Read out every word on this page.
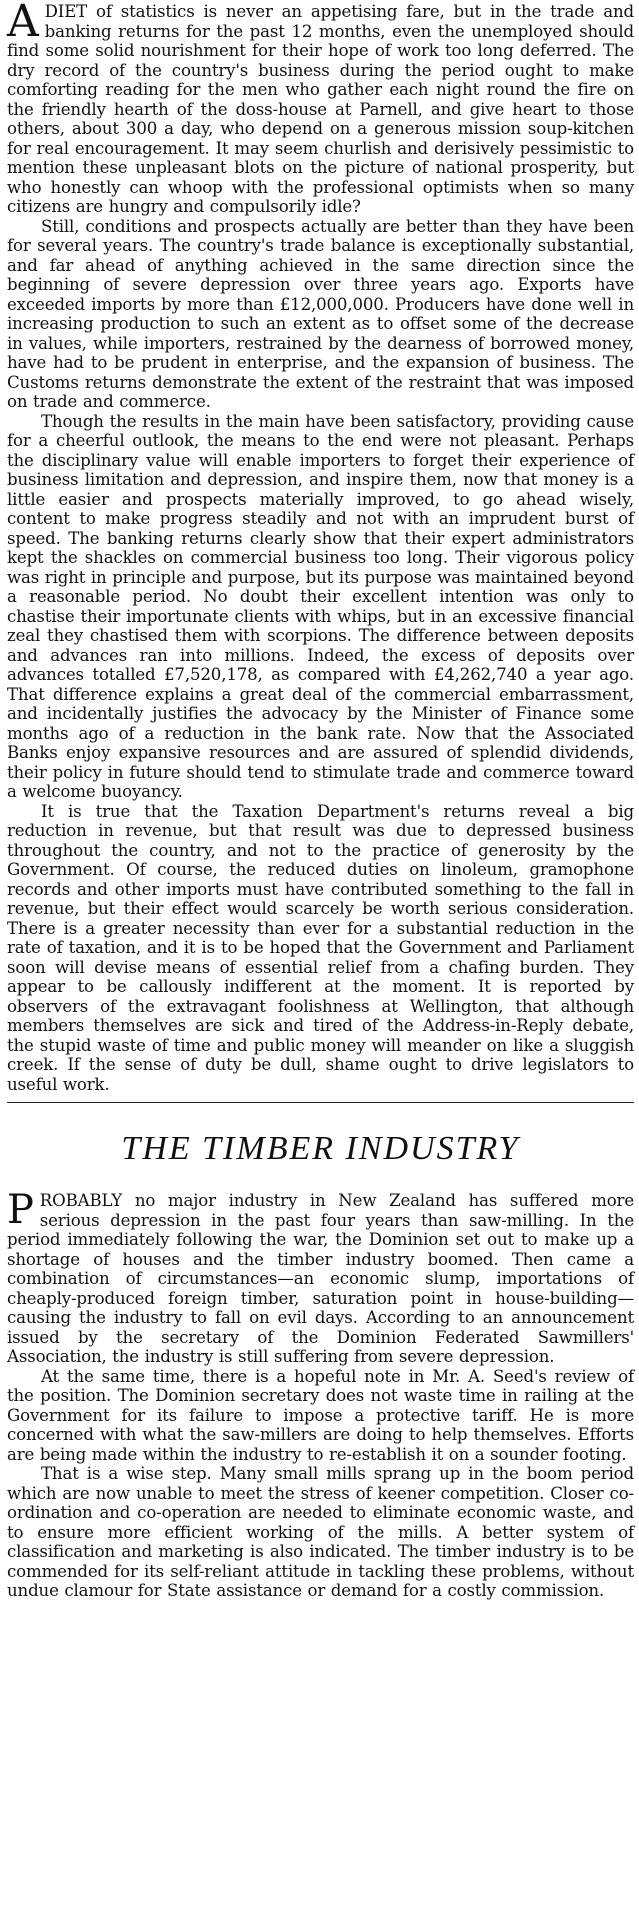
ADIET of statistics is never an appetising fare, but in the trade and banking returns for the past 12 months, even the unemployed should find some solid nourishment for their hope of work too long deferred. The dry record of the country's business during the period ought to make comforting reading for the men who gather each night round the fire on the friendly hearth of the doss-house at Parnell, and give heart to those others, about 300 a day, who depend on a generous mission soup-kitchen for real encouragement. It may seem churlish and derisively pessimistic to mention these unpleasant blots on the picture of national prosperity, but who honestly can whoop with the professional optimists when so many citizens are hungry and compulsorily idle?

Still, conditions and prospects actually are better than they have been for several years. The country's trade balance is exceptionally substantial, and far ahead of anything achieved in the same direction since the beginning of severe depression over three years ago. Exports have exceeded imports by more than £12,000,000. Producers have done well in increasing production to such an extent as to offset some of the decrease in values, while importers, restrained by the dearness of borrowed money, have had to be prudent in enterprise, and the expansion of business. The Customs returns demonstrate the extent of the restraint that was imposed on trade and commerce.

Though the results in the main have been satisfactory, providing cause for a cheerful outlook, the means to the end were not pleasant. Perhaps the disciplinary value will enable importers to forget their experience of business limitation and depression, and inspire them, now that money is a little easier and prospects materially improved, to go ahead wisely, content to make progress steadily and not with an imprudent burst of speed. The banking returns clearly show that their expert administrators kept the shackles on commercial business too long. Their vigorous policy was right in principle and purpose, but its purpose was maintained beyond a reasonable period. No doubt their excellent intention was only to chastise their importunate clients with whips, but in an excessive financial zeal they chastised them with scorpions. The difference between deposits and advances ran into millions. Indeed, the excess of deposits over advances totalled £7,520,178, as compared with £4,262,740 a year ago. That difference explains a great deal of the commercial embarrassment, and incidentally justifies the advocacy by the Minister of Finance some months ago of a reduction in the bank rate. Now that the Associated Banks enjoy expansive resources and are assured of splendid dividends, their policy in future should tend to stimulate trade and commerce toward a welcome buoyancy.

It is true that the Taxation Department's returns reveal a big reduction in revenue, but that result was due to depressed business throughout the country, and not to the practice of generosity by the Government. Of course, the reduced duties on linoleum, gramophone records and other imports must have contributed something to the fall in revenue, but their effect would scarcely be worth serious consideration. There is a greater necessity than ever for a substantial reduction in the rate of taxation, and it is to be hoped that the Government and Parliament soon will devise means of essential relief from a chafing burden. They appear to be callously indifferent at the moment. It is reported by observers of the extravagant foolishness at Wellington, that although members themselves are sick and tired of the Address-in-Reply debate, the stupid waste of time and public money will meander on like a sluggish creek. If the sense of duty be dull, shame ought to drive legislators to useful work.

THE TIMBER INDUSTRY

PROBABLY no major industry in New Zealand has suffered more serious depression in the past four years than saw-milling. In the period immediately following the war, the Dominion set out to make up a shortage of houses and the timber industry boomed. Then came a combination of circumstances—an economic slump, importations of cheaply-produced foreign timber, saturation point in house-building—causing the industry to fall on evil days. According to an announcement issued by the secretary of the Dominion Federated Sawmillers' Association, the industry is still suffering from severe depression.

At the same time, there is a hopeful note in Mr. A. Seed's review of the position. The Dominion secretary does not waste time in railing at the Government for its failure to impose a protective tariff. He is more concerned with what the saw-millers are doing to help themselves. Efforts are being made within the industry to re-establish it on a sounder footing.

That is a wise step. Many small mills sprang up in the boom period which are now unable to meet the stress of keener competition. Closer co-ordination and co-operation are needed to eliminate economic waste, and to ensure more efficient working of the mills. A better system of classification and marketing is also indicated. The timber industry is to be commended for its self-reliant attitude in tackling these problems, without undue clamour for State assistance or demand for a costly commission.
